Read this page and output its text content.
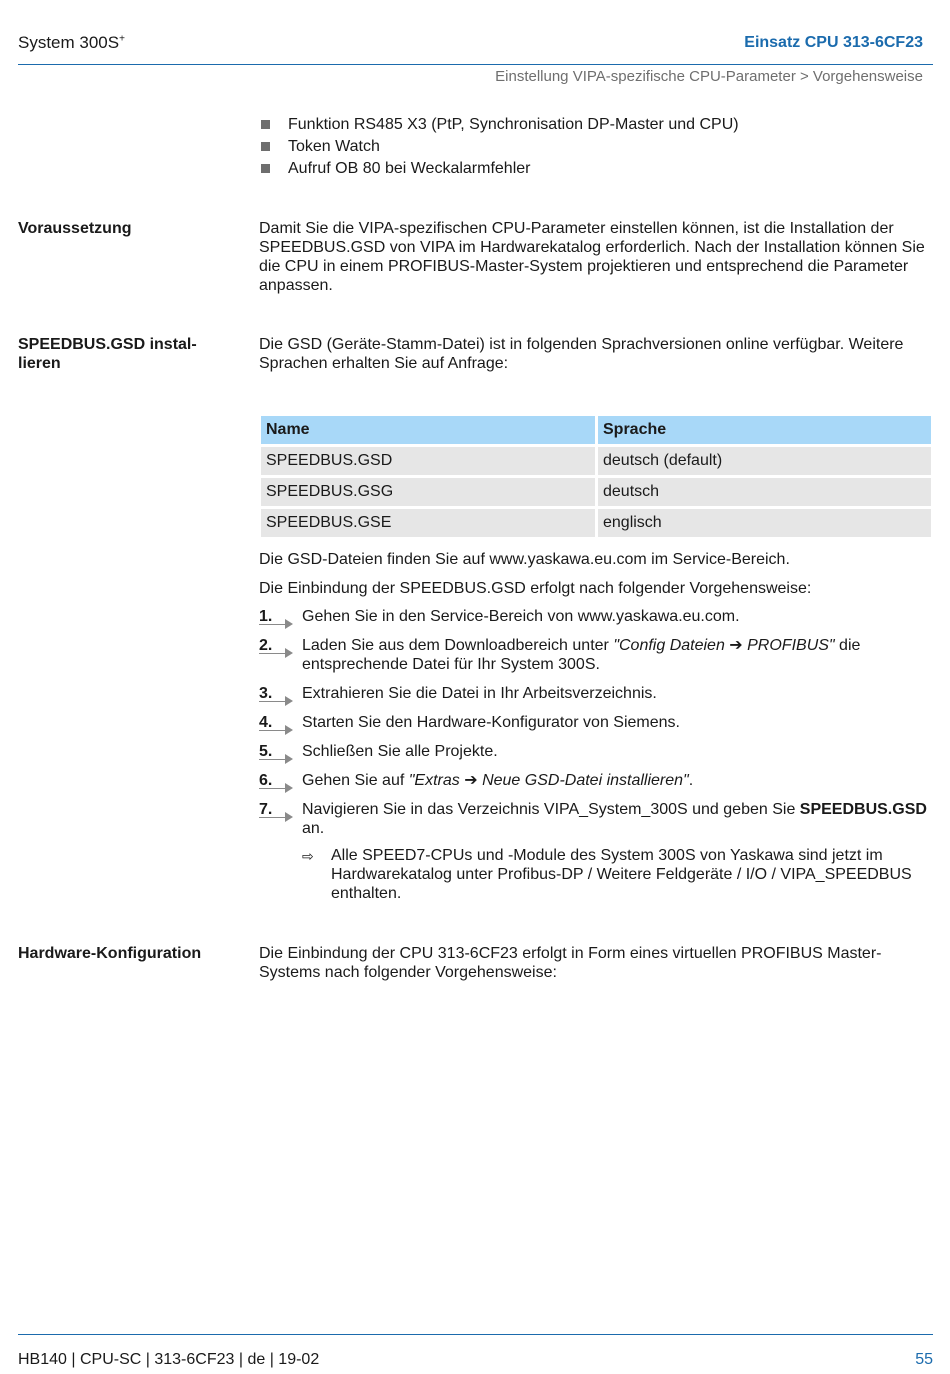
System 300S+	Einsatz CPU 313-6CF23
Einstellung VIPA-spezifische CPU-Parameter > Vorgehensweise
Funktion RS485 X3 (PtP, Synchronisation DP-Master und CPU)
Token Watch
Aufruf OB 80 bei Weckalarmfehler
Voraussetzung	Damit Sie die VIPA-spezifischen CPU-Parameter einstellen können, ist die Installation der SPEEDBUS.GSD von VIPA im Hardwarekatalog erforderlich. Nach der Installation können Sie die CPU in einem PROFIBUS-Master-System projektieren und entsprechend die Parameter anpassen.
SPEEDBUS.GSD instal-
lieren
Die GSD (Geräte-Stamm-Datei) ist in folgenden Sprachversionen online verfügbar. Weitere Sprachen erhalten Sie auf Anfrage:
Name	Sprache
SPEEDBUS.GSD	deutsch (default)
SPEEDBUS.GSG	deutsch
SPEEDBUS.GSE	englisch
Die GSD-Dateien finden Sie auf www.yaskawa.eu.com im Service-Bereich.
Die Einbindung der SPEEDBUS.GSD erfolgt nach folgender Vorgehensweise:
1.	Gehen Sie in den Service-Bereich von www.yaskawa.eu.com.
2.	Laden Sie aus dem Downloadbereich unter "Config Dateien ➔ PROFIBUS" die entsprechende Datei für Ihr System 300S.
3.	Extrahieren Sie die Datei in Ihr Arbeitsverzeichnis.
4.	Starten Sie den Hardware-Konfigurator von Siemens.
5.	Schließen Sie alle Projekte.
6.	Gehen Sie auf "Extras ➔ Neue GSD-Datei installieren".
7.	Navigieren Sie in das Verzeichnis VIPA_System_300S und geben Sie SPEEDBUS.GSD an.
⇨ Alle SPEED7-CPUs und -Module des System 300S von Yaskawa sind jetzt im Hardwarekatalog unter Profibus-DP / Weitere Feldgeräte / I/O / VIPA_SPEEDBUS enthalten.
Hardware-Konfiguration	Die Einbindung der CPU 313-6CF23 erfolgt in Form eines virtuellen PROFIBUS Master-Systems nach folgender Vorgehensweise:
HB140 | CPU-SC | 313-6CF23 | de | 19-02	55
